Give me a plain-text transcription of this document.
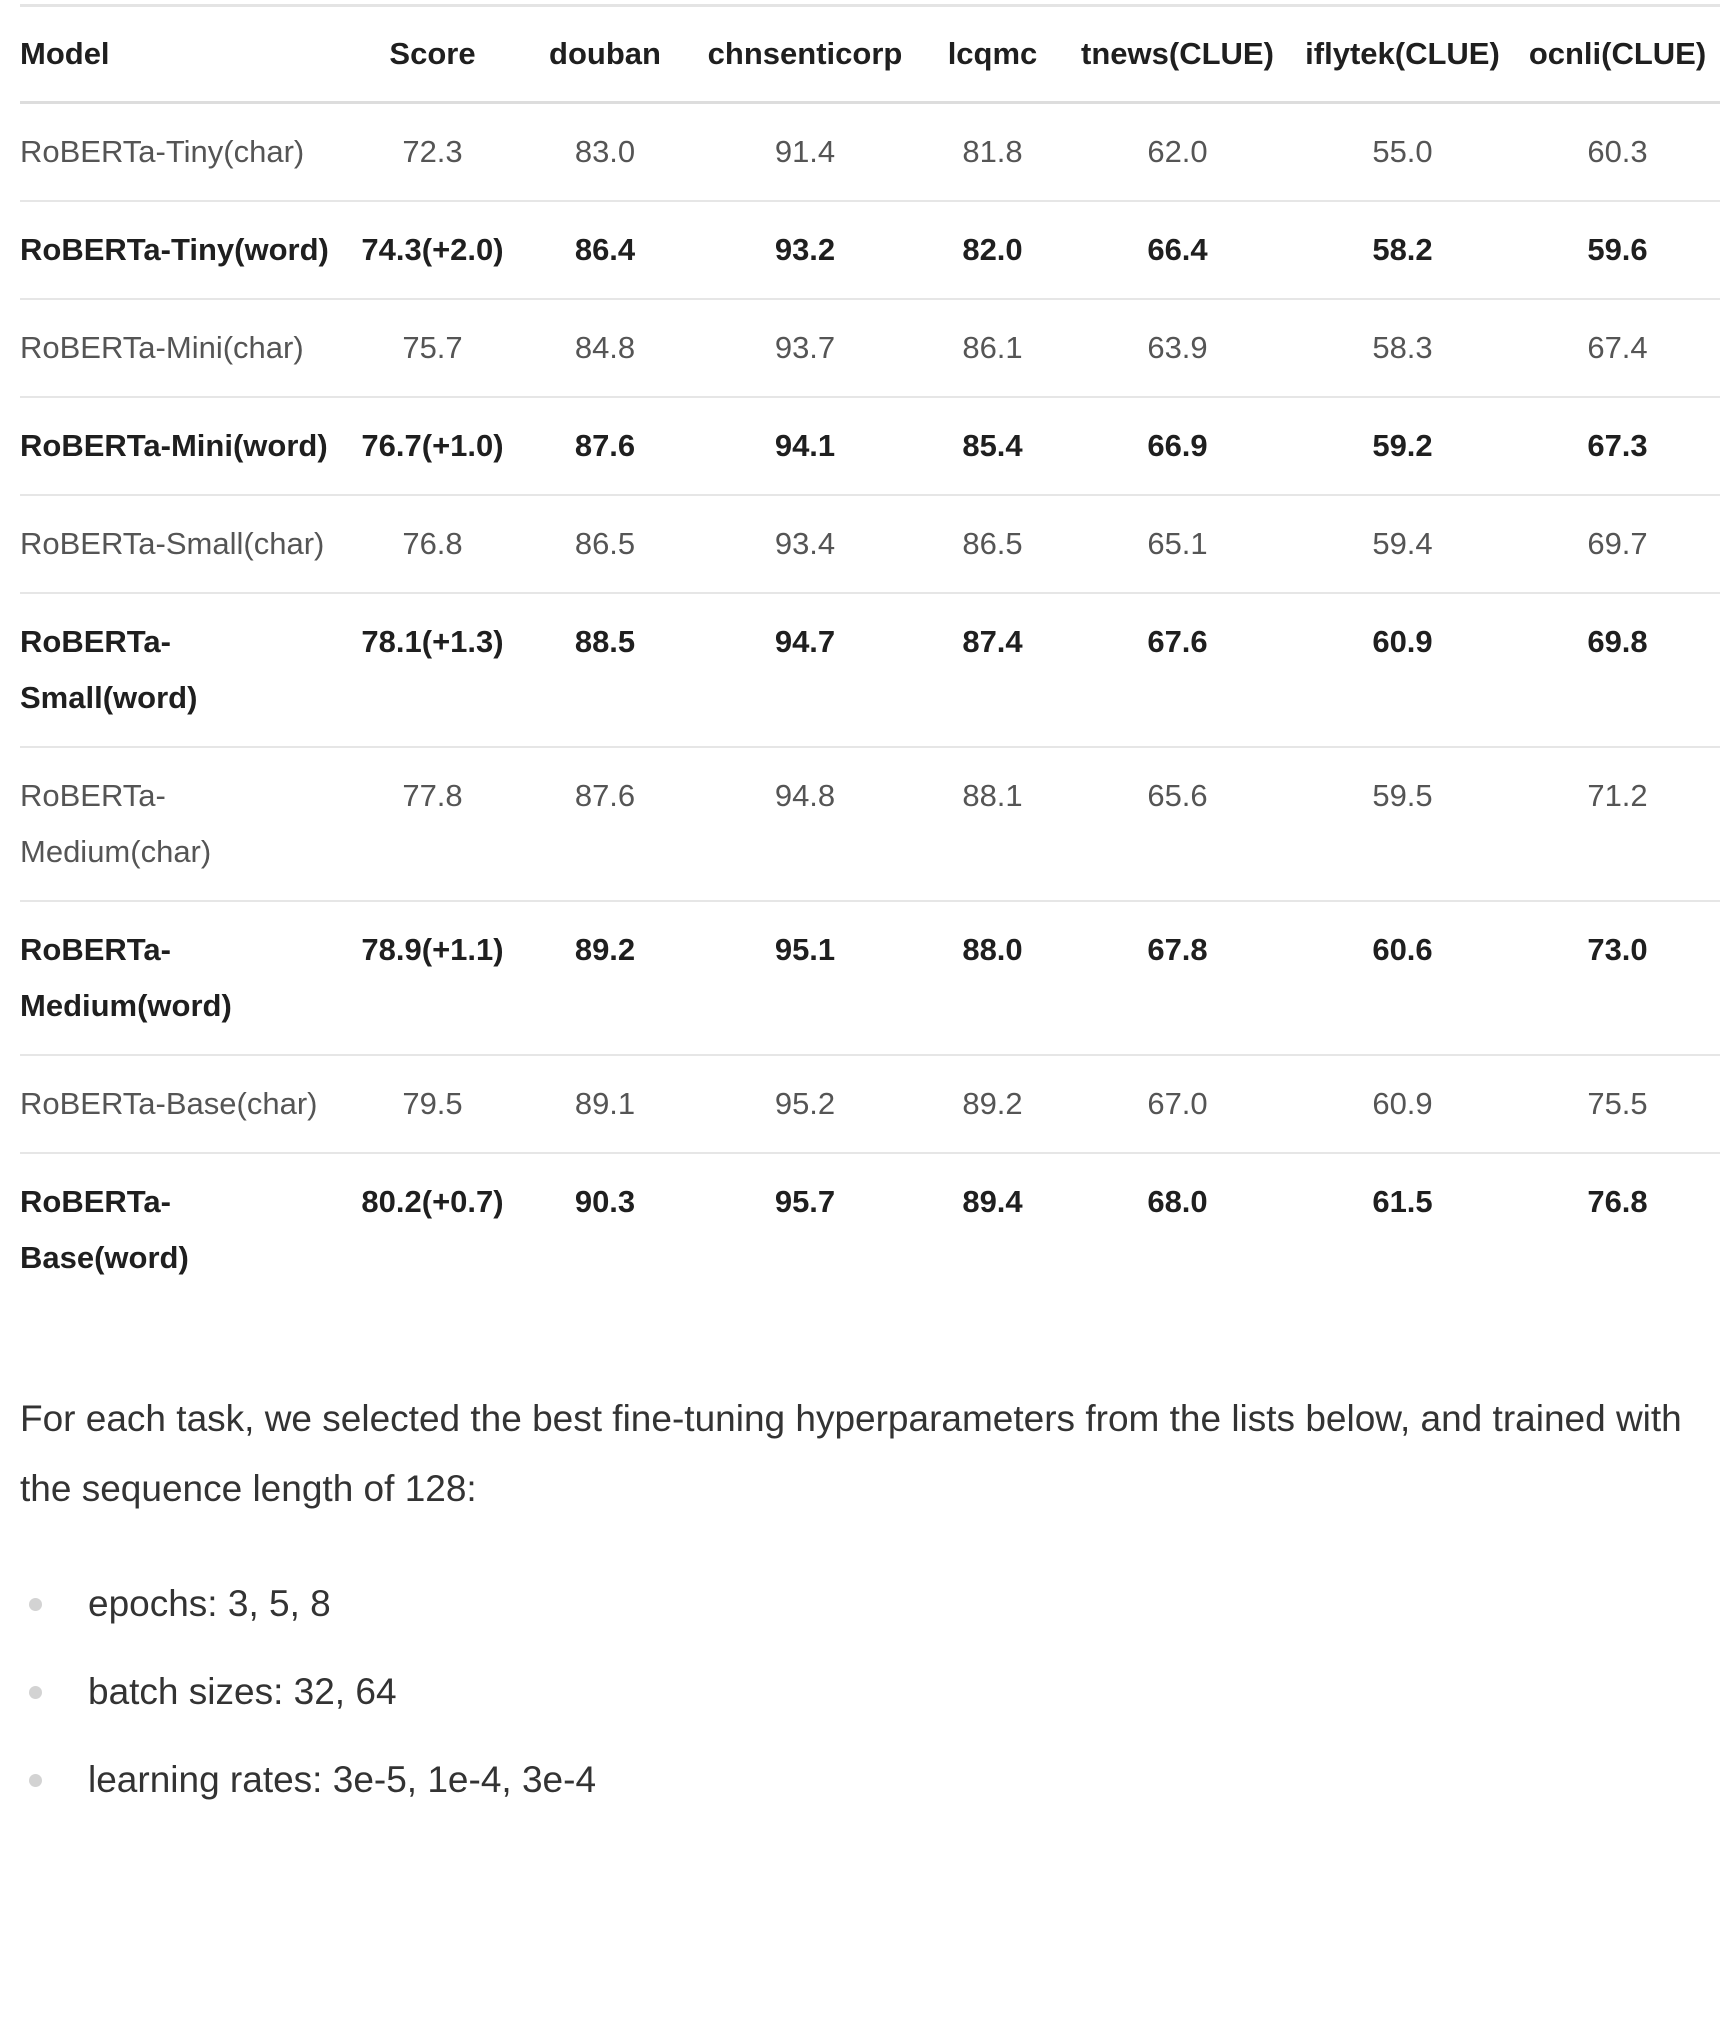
Model	Score	douban	chnsenticorp	lcqmc	tnews(CLUE)	iflytek(CLUE)	ocnli(CLUE)
RoBERTa-Tiny(char)	72.3	83.0	91.4	81.8	62.0	55.0	60.3
RoBERTa-Tiny(word)	74.3(+2.0)	86.4	93.2	82.0	66.4	58.2	59.6
RoBERTa-Mini(char)	75.7	84.8	93.7	86.1	63.9	58.3	67.4
RoBERTa-Mini(word)	76.7(+1.0)	87.6	94.1	85.4	66.9	59.2	67.3
RoBERTa-Small(char)	76.8	86.5	93.4	86.5	65.1	59.4	69.7
RoBERTa-Small(word)	78.1(+1.3)	88.5	94.7	87.4	67.6	60.9	69.8
RoBERTa-Medium(char)	77.8	87.6	94.8	88.1	65.6	59.5	71.2
RoBERTa-Medium(word)	78.9(+1.1)	89.2	95.1	88.0	67.8	60.6	73.0
RoBERTa-Base(char)	79.5	89.1	95.2	89.2	67.0	60.9	75.5
RoBERTa-Base(word)	80.2(+0.7)	90.3	95.7	89.4	68.0	61.5	76.8

For each task, we selected the best fine-tuning hyperparameters from the lists below, and trained with the sequence length of 128:

epochs: 3, 5, 8
batch sizes: 32, 64
learning rates: 3e-5, 1e-4, 3e-4
